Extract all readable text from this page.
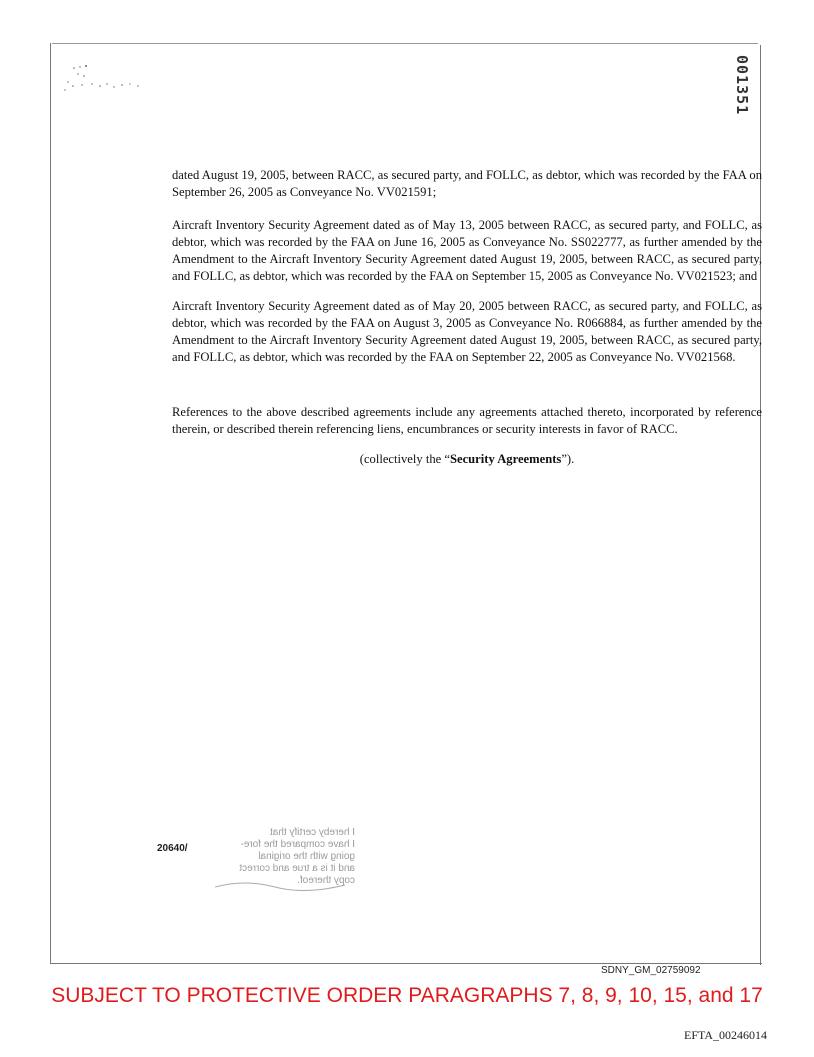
001351

dated August 19, 2005, between RACC, as secured party, and FOLLC, as debtor, which was recorded by the FAA on September 26, 2005 as Conveyance No. VV021591;

Aircraft Inventory Security Agreement dated as of May 13, 2005 between RACC, as secured party, and FOLLC, as debtor, which was recorded by the FAA on June 16, 2005 as Conveyance No. SS022777, as further amended by the Amendment to the Aircraft Inventory Security Agreement dated August 19, 2005, between RACC, as secured party, and FOLLC, as debtor, which was recorded by the FAA on September 15, 2005 as Conveyance No. VV021523; and

Aircraft Inventory Security Agreement dated as of May 20, 2005 between RACC, as secured party, and FOLLC, as debtor, which was recorded by the FAA on August 3, 2005 as Conveyance No. R066884, as further amended by the Amendment to the Aircraft Inventory Security Agreement dated August 19, 2005, between RACC, as secured party, and FOLLC, as debtor, which was recorded by the FAA on September 22, 2005 as Conveyance No. VV021568.

References to the above described agreements include any agreements attached thereto, incorporated by reference therein, or described therein referencing liens, encumbrances or security interests in favor of RACC.

(collectively the “Security Agreements”).

I hereby certify that
I have compared the fore-
going with the original
and it is a true and correct
copy thereof.
20640/
SDNY_GM_02759092
SUBJECT TO PROTECTIVE ORDER PARAGRAPHS 7, 8, 9, 10, 15, and 17
EFTA_00246014
